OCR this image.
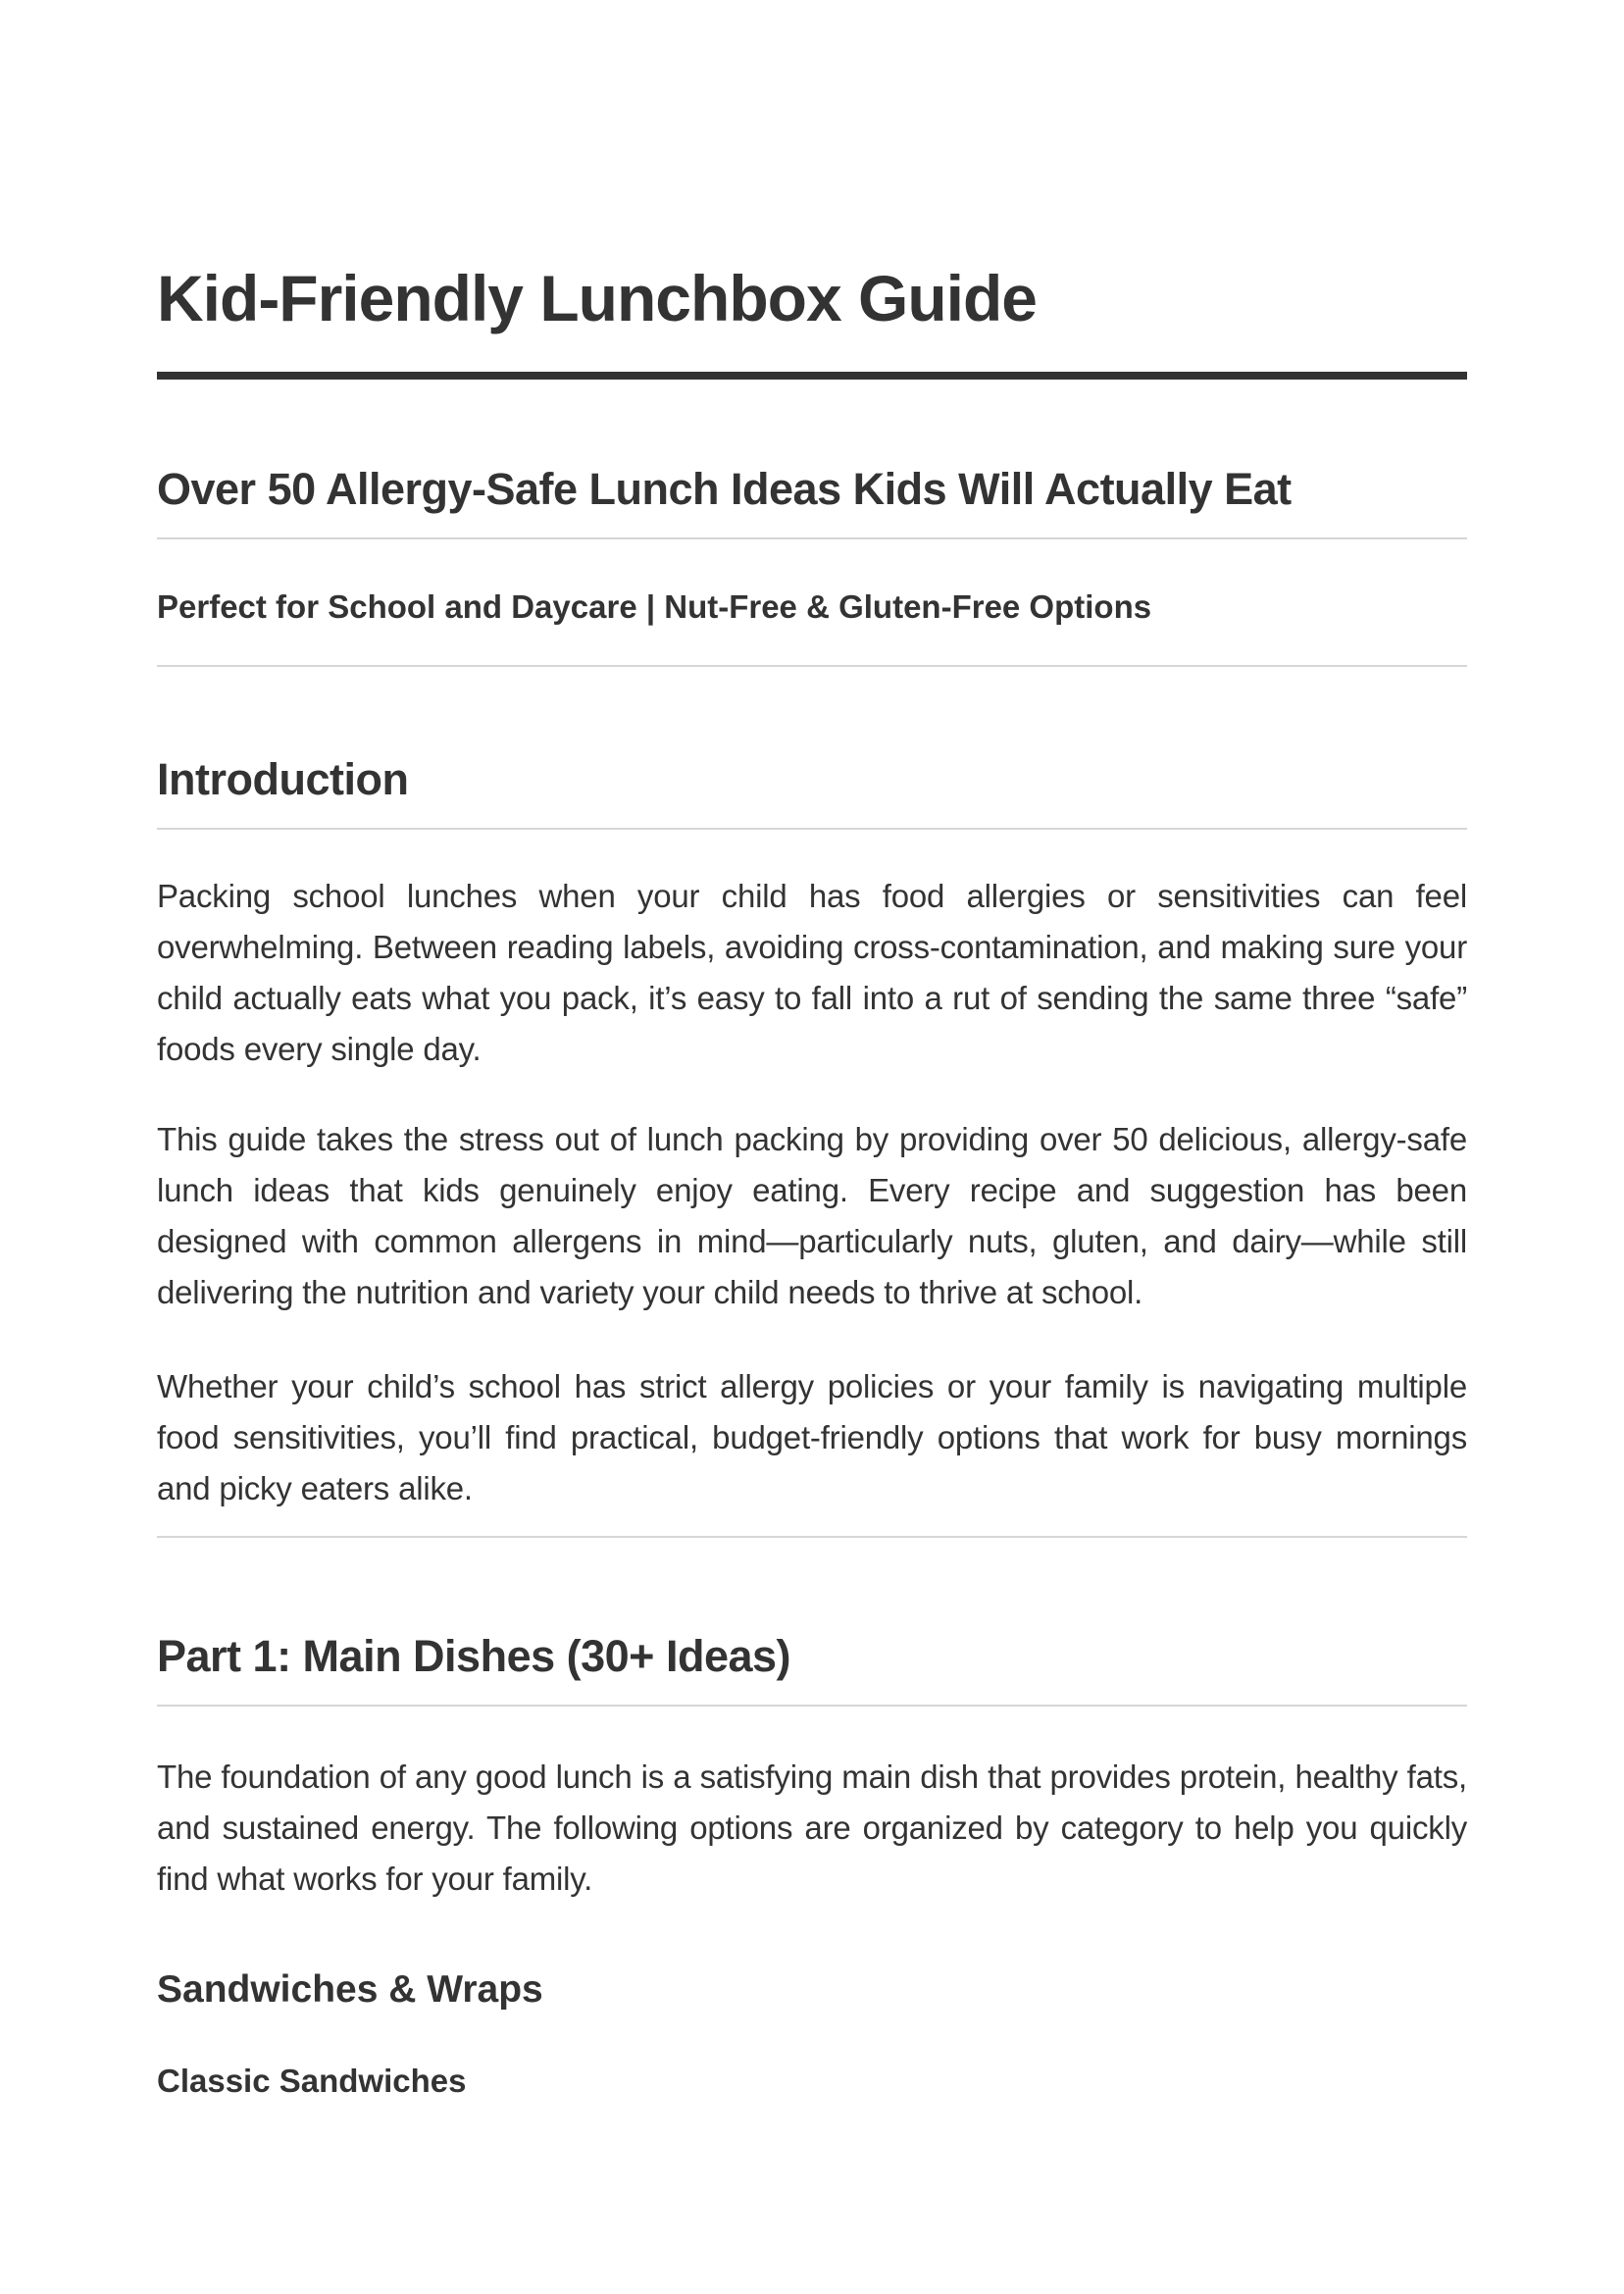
Kid-Friendly Lunchbox Guide
Over 50 Allergy-Safe Lunch Ideas Kids Will Actually Eat

Perfect for School and Daycare | Nut-Free & Gluten-Free Options

Introduction

Packing school lunches when your child has food allergies or sensitivities can feel overwhelming. Between reading labels, avoiding cross-contamination, and making sure your child actually eats what you pack, it’s easy to fall into a rut of sending the same three “safe” foods every single day.

This guide takes the stress out of lunch packing by providing over 50 delicious, allergy-safe lunch ideas that kids genuinely enjoy eating. Every recipe and suggestion has been designed with common allergens in mind—particularly nuts, gluten, and dairy—while still delivering the nutrition and variety your child needs to thrive at school.

Whether your child’s school has strict allergy policies or your family is navigating multiple food sensitivities, you’ll find practical, budget-friendly options that work for busy mornings and picky eaters alike.

Part 1: Main Dishes (30+ Ideas)

The foundation of any good lunch is a satisfying main dish that provides protein, healthy fats, and sustained energy. The following options are organized by category to help you quickly find what works for your family.

Sandwiches & Wraps
Classic Sandwiches
